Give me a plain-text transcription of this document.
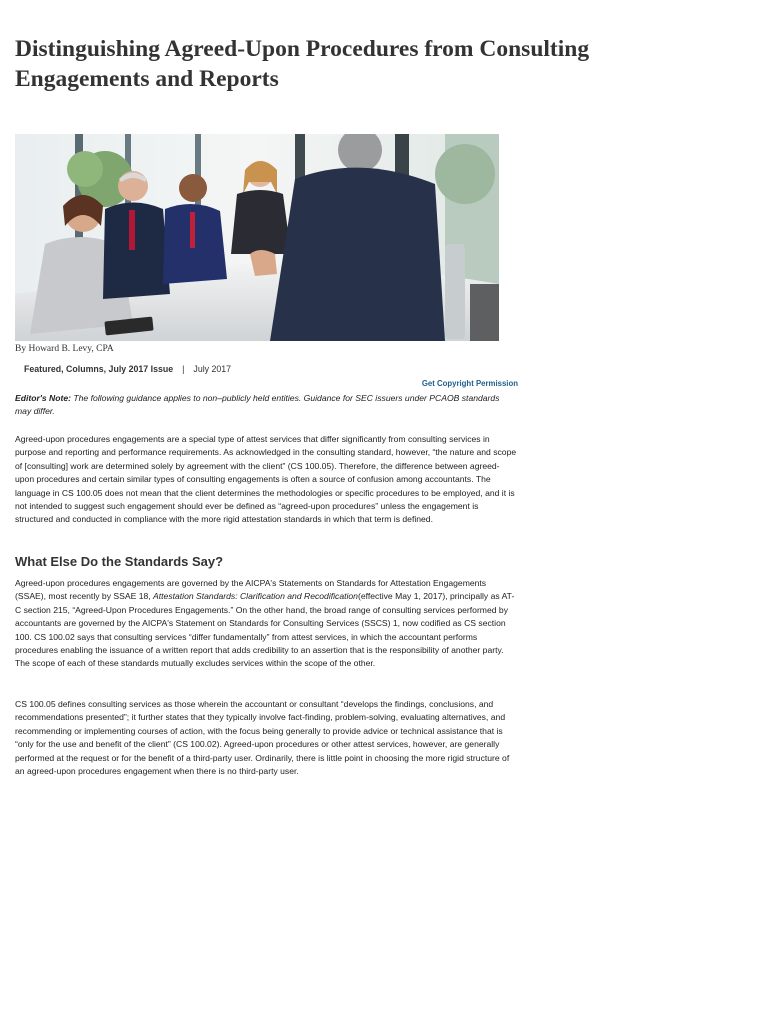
Distinguishing Agreed-Upon Procedures from Consulting Engagements and Reports
By Howard B. Levy, CPA
Featured, Columns, July 2017 Issue | July 2017
Get Copyright Permission

Editor's Note: The following guidance applies to non–publicly held entities. Guidance for SEC issuers under PCAOB standards may differ.

Agreed-upon procedures engagements are a special type of attest services that differ significantly from consulting services in purpose and reporting and performance requirements. As acknowledged in the consulting standard, however, “the nature and scope of [consulting] work are determined solely by agreement with the client” (CS 100.05). Therefore, the difference between agreed-upon procedures and certain similar types of consulting engagements is often a source of confusion among accountants. The language in CS 100.05 does not mean that the client determines the methodologies or specific procedures to be employed, and it is not intended to suggest such engagement should ever be defined as “agreed-upon procedures” unless the engagement is structured and conducted in compliance with the more rigid attestation standards in which that term is defined.

What Else Do the Standards Say?

Agreed-upon procedures engagements are governed by the AICPA's Statements on Standards for Attestation Engagements (SSAE), most recently by SSAE 18, Attestation Standards: Clarification and Recodification(effective May 1, 2017), principally as AT-C section 215, “Agreed-Upon Procedures Engagements.” On the other hand, the broad range of consulting services performed by accountants are governed by the AICPA's Statement on Standards for Consulting Services (SSCS) 1, now codified as CS section 100. CS 100.02 says that consulting services “differ fundamentally” from attest services, in which the accountant performs procedures enabling the issuance of a written report that adds credibility to an assertion that is the responsibility of another party. The scope of each of these standards mutually excludes services within the scope of the other.

CS 100.05 defines consulting services as those wherein the accountant or consultant “develops the findings, conclusions, and recommendations presented”; it further states that they typically involve fact-finding, problem-solving, evaluating alternatives, and recommending or implementing courses of action, with the focus being generally to provide advice or technical assistance that is “only for the use and benefit of the client” (CS 100.02). Agreed-upon procedures or other attest services, however, are generally performed at the request or for the benefit of a third-party user. Ordinarily, there is little point in choosing the more rigid structure of an agreed-upon procedures engagement when there is no third-party user.
